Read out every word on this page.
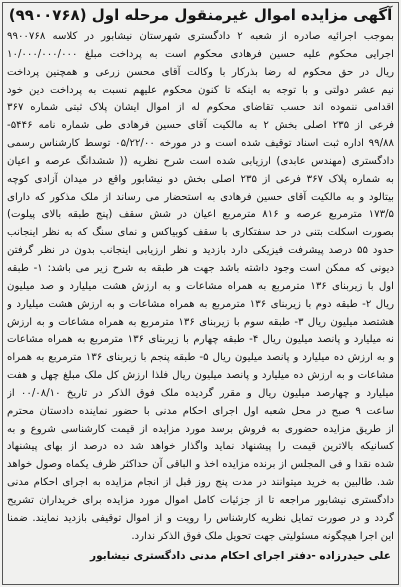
آگهی مزایده اموال غیرمنقول مرحله اول (۹۹۰۰۷۶۸)
بموجب اجرائیه صادره از شعبه ۲ دادگستری شهرستان نیشابور در کلاسه ۹۹۰۰۷۶۸
اجرایی محکوم علیه حسین فرهادی محکوم است به پرداخت مبلغ ۱۰/۰۰۰/۰۰۰/۰۰۰
ریال در حق محکوم له رضا بذرکار با وکالت آقای محسن زرعی و همچنین پرداخت
نیم عشر دولتی و با توجه به اینکه تا کنون محکوم علیهم نسبت به پرداخت دین خود
اقدامی ننموده اند حسب تقاضای محکوم له از اموال ایشان پلاک ثبتی شماره ۳۶۷
فرعی از ۲۳۵ اصلی بخش ۲ به مالکیت آقای حسین فرهادی طی شماره نامه ۵۴۴۶-
۹۹/۸۸ اداره ثبت اسناد توقیف شده است و در مورخه ۰۵/۲۲/۰۰ توسط کارشناس رسمی
دادگستری (مهندس عابدی) ارزیابی شده است شرح نظریه (( ششدانگ عرصه و اعیان
به شماره پلاک ۳۶۷ فرعی از ۲۳۵ اصلی بخش دو نیشابور واقع در میدان آزادی کوچه
بیتالود و به مالکیت آقای حسین فرهادی به استحضار می رساند از ملک مذکور که دارای
۱۷۳/۵ مترمربع عرصه و ۸۱۶ مترمربع اعیان در شش سقف (پنج طبقه بالای پیلوت)
بصورت اسکلت بتنی در حد سفتکاری با سقف کوبیاکس و نمای سنگ که به نظر اینجانب
حدود ۵۵ درصد پیشرفت فیزیکی دارد بازدید و نظر ارزیابی اینجانب بدون در نظر گرفتن
دیونی که ممکن است وجود داشته باشد جهت هر طبقه به شرح زیر می باشد: ۱- طبقه
اول با زیربنای ۱۳۶ مترمربع به همراه مشاعات و به ارزش هشت میلیارد و صد میلیون
ریال ۲- طبقه دوم با زیربنای ۱۳۶ مترمربع به همراه مشاعات و به ارزش هشت میلیارد و
هشتصد میلیون ریال ۳- طبقه سوم با زیربنای ۱۳۶ مترمربع به همراه مشاعات و به ارزش
نه میلیارد و پانصد میلیون ریال ۴- طبقه چهارم با زیربنای ۱۳۶ مترمربع به همراه مشاعات
و به ارزش ده میلیارد و پانصد میلیون ریال ۵- طبقه پنجم با زیربنای ۱۳۶ مترمربع به همراه
مشاعات و به ارزش ده میلیارد و پانصد میلیون ریال فلذا ارزش کل ملک مبلغ چهل و هفت
میلیارد و چهارصد میلیون ریال و مقرر گردیده ملک فوق الذکر در تاریخ ۰۰/۰۸/۱۰ از
ساعت ۹ صبح در محل شعبه اول اجرای احکام مدنی با حضور نماینده دادستان محترم
از طریق مزایده حضوری به فروش برسد مورد مزایده از قیمت کارشناسی شروع و به
کسانیکه بالاترین قیمت را پیشنهاد نماید واگذار خواهد شد ده درصد از بهای پیشنهاد
شده نقدا و فی المجلس از برنده مزایده اخذ و الباقی آن حداکثر ظرف یکماه وصول خواهد
شد. طالبین به خرید میتوانند در مدت پنج روز قبل از انجام مزایده به اجرای احکام مدنی
دادگستری نیشابور مراجعه تا از جزئیات کامل اموال مورد مزایده برای خریداران تشریح
گردد و در صورت تمایل نظریه کارشناس را رویت و از اموال توقیفی بازدید نمایند. ضمنا
این اجرا هیچگونه مسئولیتی جهت تحویل ملک فوق الذکر ندارد.
علی حیدرزاده -دفتر اجرای احکام مدنی دادگستری نیشابور
